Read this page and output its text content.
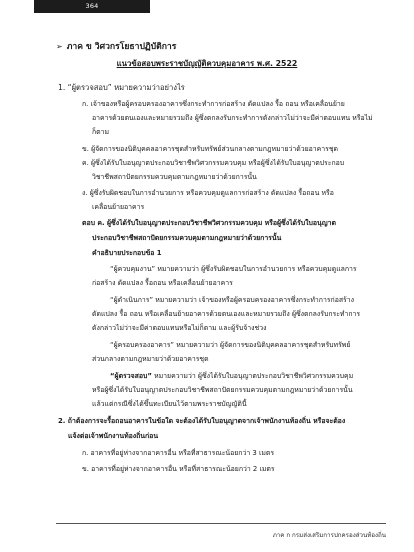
364
➢ ภาค ข วิศวกรโยธาปฏิบัติการ
แนวข้อสอบพระราชบัญญัติควบคุมอาคาร พ.ศ. 2522
1. “ผู้ตรวจสอบ” หมายความว่าอย่างไร
ก. เจ้าของหรือผู้ครอบครองอาคารซึ่งกระทำการก่อสร้าง ดัดแปลง รื้อ ถอน หรือเคลื่อนย้าย
อาคารด้วยตนเองและหมายรวมถึง ผู้ซึ่งตกลงรับกระทำการดังกล่าวไม่ว่าจะมีค่าตอบแทน หรือไม่
ก็ตาม
ข. ผู้จัดการของนิติบุคคลอาคารชุดสำหรับทรัพย์ส่วนกลางตามกฎหมายว่าด้วยอาคารชุด
ค. ผู้ซึ่งได้รับใบอนุญาตประกอบวิชาชีพวิศวกรรมควบคุม หรือผู้ซึ่งได้รับใบอนุญาตประกอบ
วิชาชีพสถาปัตยกรรมควบคุมตามกฎหมายว่าด้วยการนั้น
ง. ผู้ซึ่งรับผิดชอบในการอำนวยการ หรือควบคุมดูแลการก่อสร้าง ดัดแปลง รื้อถอน หรือ
เคลื่อนย้ายอาคาร
ตอบ ค. ผู้ซึ่งได้รับใบอนุญาตประกอบวิชาชีพวิศวกรรมควบคุม หรือผู้ซึ่งได้รับใบอนุญาต
ประกอบวิชาชีพสถาปัตยกรรมควบคุมตามกฎหมายว่าด้วยการนั้น
คำอธิบายประกอบข้อ 1
“ผู้ควบคุมงาน” หมายความว่า ผู้ซึ่งรับผิดชอบในการอำนวยการ หรือควบคุมดูแลการ
ก่อสร้าง ดัดแปลง รื้อถอน หรือเคลื่อนย้ายอาคาร
“ผู้ดำเนินการ” หมายความว่า เจ้าของหรือผู้ครอบครองอาคารซึ่งกระทำการก่อสร้าง
ดัดแปลง รื้อ ถอน หรือเคลื่อนย้ายอาคารด้วยตนเองและหมายรวมถึง ผู้ซึ่งตกลงรับกระทำการ
ดังกล่าวไม่ว่าจะมีค่าตอบแทนหรือไม่ก็ตาม และผู้รับจ้างช่วง
“ผู้ครอบครองอาคาร” หมายความว่า ผู้จัดการของนิติบุคคลอาคารชุดสำหรับทรัพย์
ส่วนกลางตามกฎหมายว่าด้วยอาคารชุด
“ผู้ตรวจสอบ” หมายความว่า ผู้ซึ่งได้รับใบอนุญาตประกอบวิชาชีพวิศวกรรมควบคุม
หรือผู้ซึ่งได้รับใบอนุญาตประกอบวิชาชีพสถาปัตยกรรมควบคุมตามกฎหมายว่าด้วยการนั้น
แล้วแต่กรณีซึ่งได้ขึ้นทะเบียนไว้ตามพระราชบัญญัตินี้
2. ถ้าต้องการจะรื้อถอนอาคารในข้อใด จะต้องได้รับใบอนุญาตจากเจ้าพนักงานท้องถิ่น หรือจะต้อง
แจ้งต่อเจ้าพนักงานท้องถิ่นก่อน
ก. อาคารที่อยู่ห่างจากอาคารอื่น หรือที่สาธารณะน้อยกว่า 3 เมตร
ข. อาคารที่อยู่ห่างจากอาคารอื่น หรือที่สาธารณะน้อยกว่า 2 เมตร
ภาค ก กรมส่งเสริมการปกครองส่วนท้องถิ่น
